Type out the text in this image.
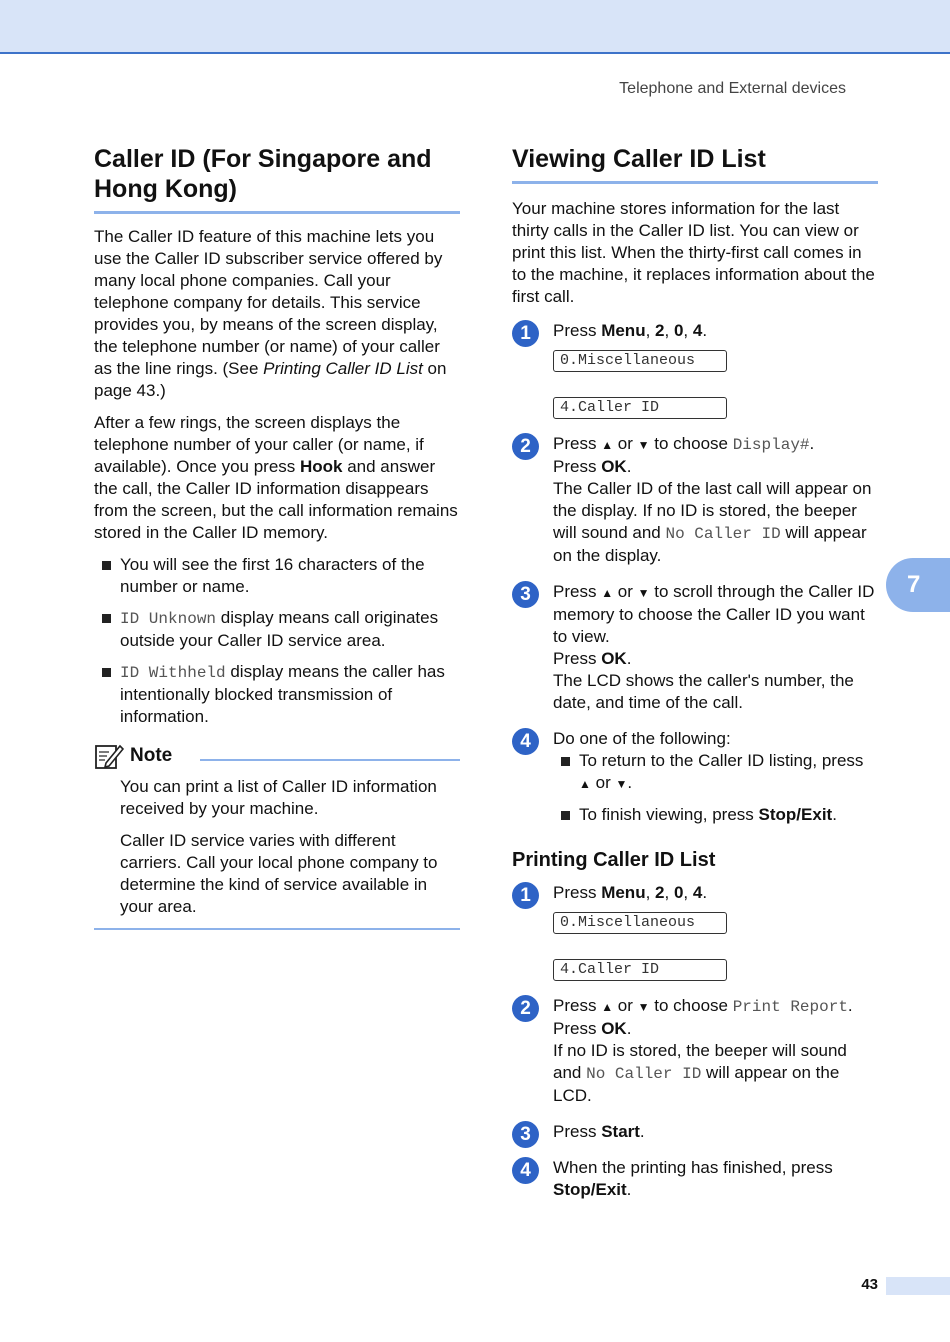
Telephone and External devices
7
43
Caller ID (For Singapore and Hong Kong)

The Caller ID feature of this machine lets you use the Caller ID subscriber service offered by many local phone companies. Call your telephone company for details. This service provides you, by means of the screen display, the telephone number (or name) of your caller as the line rings. (See Printing Caller ID List on page 43.)

After a few rings, the screen displays the telephone number of your caller (or name, if available). Once you press Hook and answer the call, the Caller ID information disappears from the screen, but the call information remains stored in the Caller ID memory.

You will see the first 16 characters of the number or name.
ID Unknown display means call originates outside your Caller ID service area.
ID Withheld display means the caller has intentionally blocked transmission of information.
Note

You can print a list of Caller ID information received by your machine.

Caller ID service varies with different carriers. Call your local phone company to determine the kind of service available in your area.

Viewing Caller ID List

Your machine stores information for the last thirty calls in the Caller ID list. You can view or print this list. When the thirty-first call comes in to the machine, it replaces information about the first call.

1	Press Menu, 2, 0, 4.
0.Miscellaneous
4.Caller ID
2	Press ▲ or ▼ to choose Display#.
Press OK.
The Caller ID of the last call will appear on the display. If no ID is stored, the beeper will sound and No Caller ID will appear on the display.
3	Press ▲ or ▼ to scroll through the Caller ID memory to choose the Caller ID you want to view.
Press OK.
The LCD shows the caller's number, the date, and time of the call.
4	Do one of the following:
To return to the Caller ID listing, press ▲ or ▼.
To finish viewing, press Stop/Exit.
Printing Caller ID List
1	Press Menu, 2, 0, 4.
0.Miscellaneous
4.Caller ID
2	Press ▲ or ▼ to choose Print Report.
Press OK.
If no ID is stored, the beeper will sound and No Caller ID will appear on the LCD.
3	Press Start.
4	When the printing has finished, press Stop/Exit.
